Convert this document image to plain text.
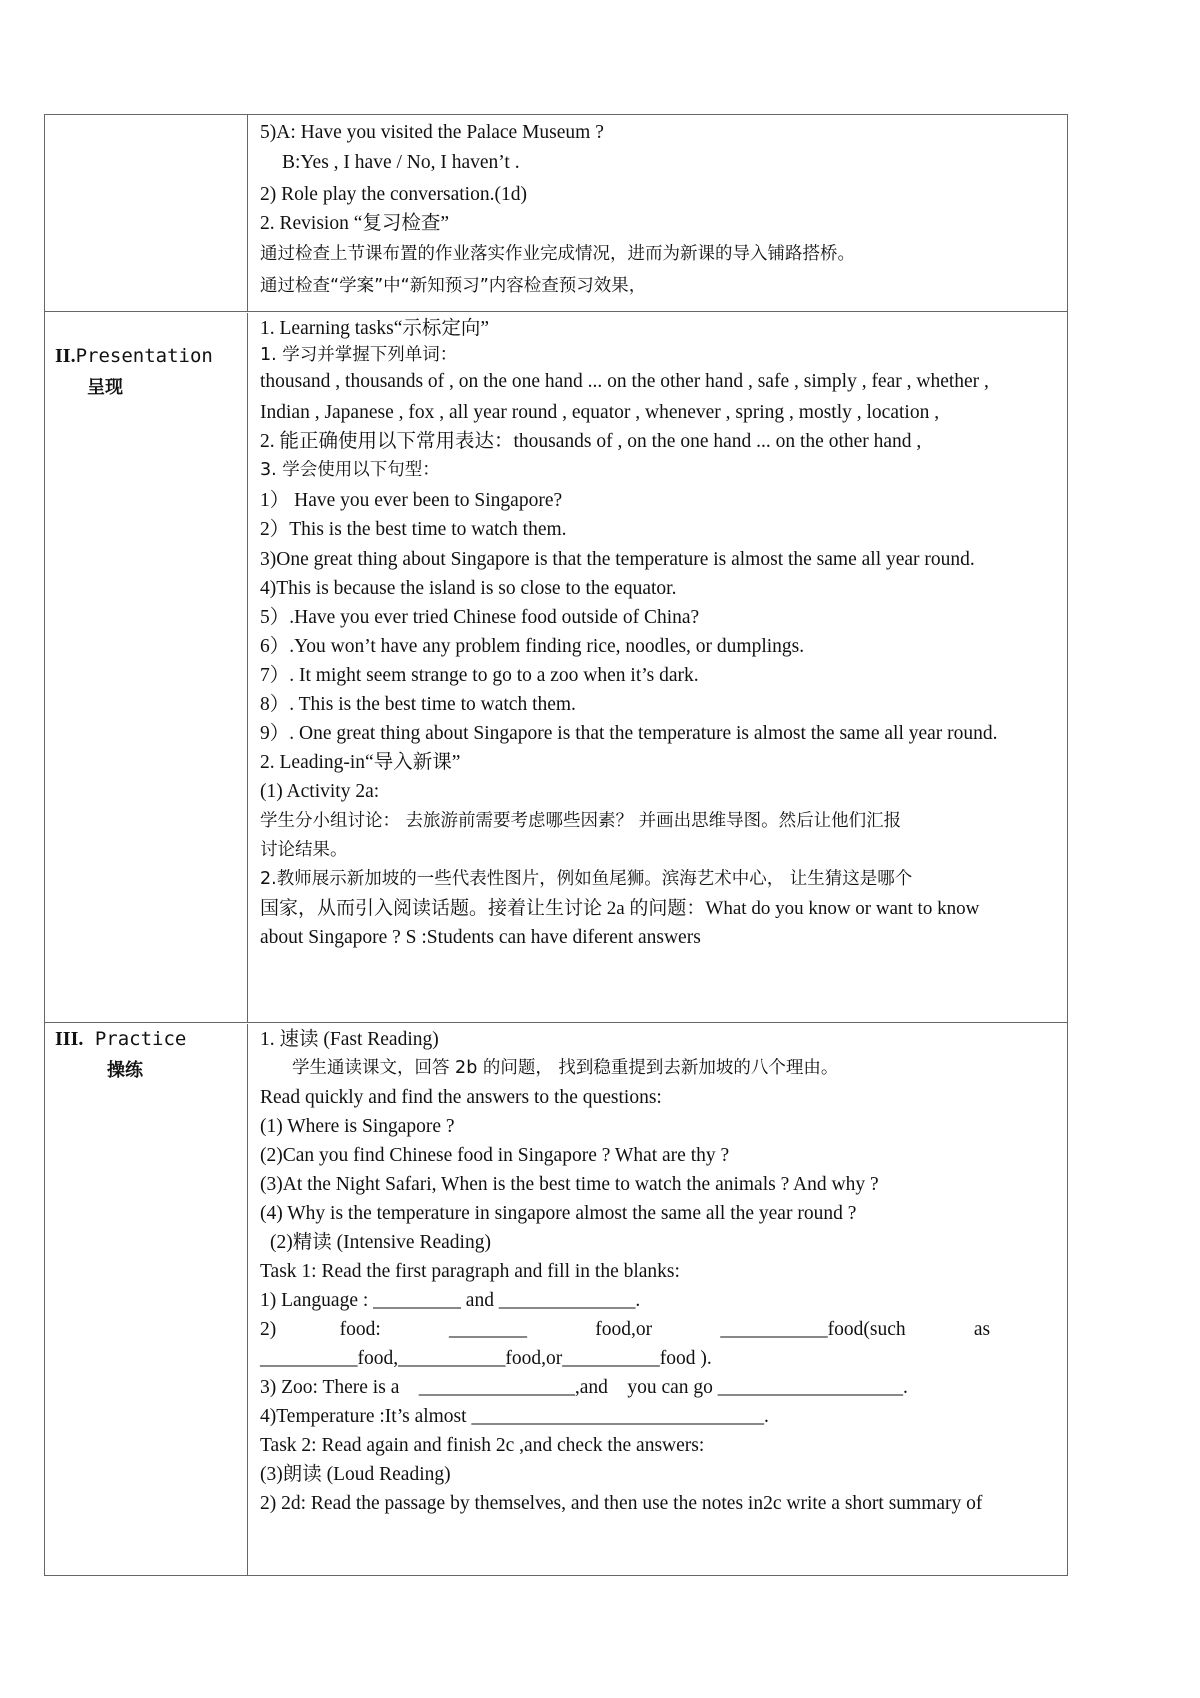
5)A: Have you visited the Palace Museum ?
B:Yes , I have / No, I haven’t .
2) Role play the conversation.(1d)
2. Revision “复习检查”
通过检查上节课布置的作业落实作业完成情况，进而为新课的导入铺路搭桥。
通过检查“学案”中“新知预习”内容检查预习效果，
II.Presentation
呈现
1. Learning tasks“示标定向”
1. 学习并掌握下列单词：
thousand , thousands of , on the one hand ... on the other hand , safe , simply , fear , whether ,
Indian , Japanese , fox , all year round , equator , whenever , spring , mostly , location ,
2. 能正确使用以下常用表达：thousands of , on the one hand ... on the other hand ,
3. 学会使用以下句型：
1） Have you ever been to Singapore?
2）This is the best time to watch them.
3)One great thing about Singapore is that the temperature is almost the same all year round.
4)This is because the island is so close to the equator.
5）.Have you ever tried Chinese food outside of China?
6）.You won’t have any problem finding rice, noodles, or dumplings.
7）. It might seem strange to go to a zoo when it’s dark.
8）. This is the best time to watch them.
9）. One great thing about Singapore is that the temperature is almost the same all year round.
2. Leading-in“导入新课”
(1) Activity 2a:
学生分小组讨论： 去旅游前需要考虑哪些因素？ 并画出思维导图。然后让他们汇报
讨论结果。
2.教师展示新加坡的一些代表性图片，例如鱼尾狮。滨海艺术中心， 让生猜这是哪个
国家，从而引入阅读话题。接着让生讨论 2a 的问题：What do you know or want to know
about Singapore ? S :Students can have diferent answers
III. Practice
操练
1. 速读 (Fast Reading)
学生通读课文，回答 2b 的问题， 找到稳重提到去新加坡的八个理由。
Read quickly and find the answers to the questions:
(1) Where is Singapore ?
(2)Can you find Chinese food in Singapore ? What are thy ?
(3)At the Night Safari, When is the best time to watch the animals ? And why ?
(4) Why is the temperature in singapore almost the same all the year round ?
(2)精读 (Intensive Reading)
Task 1: Read the first paragraph and fill in the blanks:
1) Language : _________ and ______________.
2)             food:              ________              food,or              ___________food(such              as
__________food,___________food,or__________food ).
3) Zoo: There is a    ________________,and    you can go ___________________.
4)Temperature :It’s almost ______________________________.
Task 2: Read again and finish 2c ,and check the answers:
(3)朗读 (Loud Reading)
2) 2d: Read the passage by themselves, and then use the notes in2c write a short summary of
